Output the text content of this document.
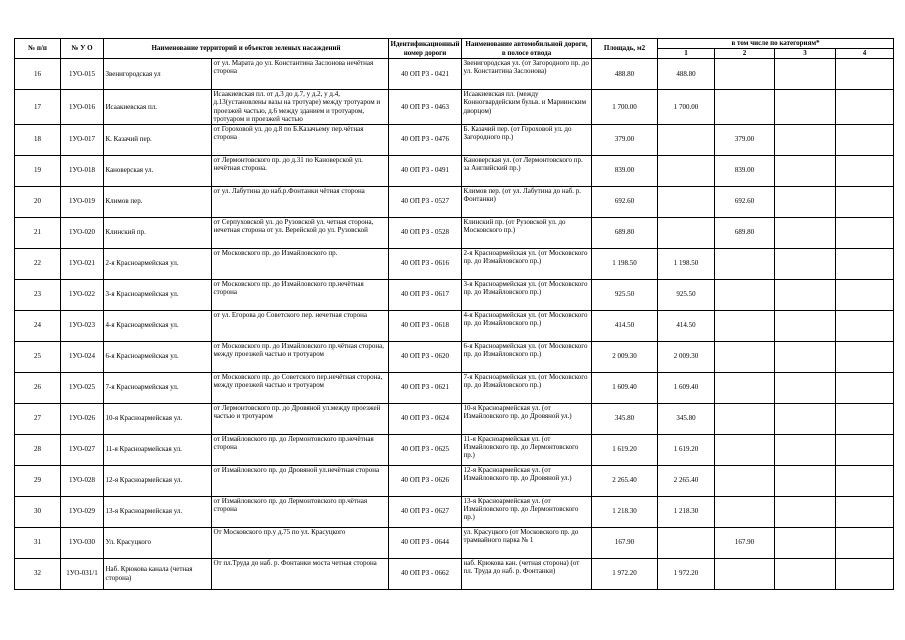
№ п/п	№ У О	Наименование территорий и объектов зеленых насаждений		Идентификационный номер дороги	Наименование автомобильной дороги, в полосе отвода	Площадь, м2	в том числе по категориям*			
							1	2	3	4
16	1УО-015	Звенигородская ул	от ул. Марата до ул. Константина Заслонова нечётная сторона	40 ОП РЗ - 0421	Звенигородская ул. (от Загородного пр. до ул. Константина Заслонова)	488.80	488.80			
17	1УО-016	Исаакиевская пл.	Исаакиевская пл. от д.3 до д.7, у д.2, у д.4, д.13(установлены вазы на тротуаре) между тротуаром и проезжей частью, д.6 между зданием и тротуаром, тротуаром и проезжей частью	40 ОП РЗ - 0463	Исаакиевская пл. (между Конногвардейским бульв. и Мариинским дворцом)	1 700.00	1 700.00			
18	1УО-017	К. Казачий пер.	от Гороховой ул. до д.8 по Б.Казачьему пер.чётная сторона	40 ОП РЗ - 0476	Б. Казачий пер. (от Гороховой ул. до Загородного пр.)	379.00		379.00		
19	1УО-018	Кановерская ул.	от Лермонтовского пр. до д.31 по Кановерской ул. нечётная сторона.	40 ОП РЗ - 0491	Кановерская ул. (от Лермонтовского пр. за Английский пр.)	839.00		839.00		
20	1УО-019	Климов пер.	от ул. Лабутина до наб.р.Фонтанки чётная сторона	40 ОП РЗ - 0527	Климов пер. (от ул. Лабутина до наб. р. Фонтанки)	692.60		692.60		
21	1УО-020	Клинский пр.	от Серпуховской ул. до Рузовской ул. четная сторона, нечетная сторона от ул. Верейской до ул. Рузовской	40 ОП РЗ - 0528	Клинский пр. (от Рузовской ул. до Московского пр.)	689.80		689.80		
22	1УО-021	2-я Красноармейская ул.	от Московского пр. до Измайловского пр.	40 ОП РЗ - 0616	2-я Красноармейская ул. (от Московского пр. до Измайловского пр.)	1 198.50	1 198.50			
23	1УО-022	3-я Красноармейская ул.	от Московского пр. до Измайловского пр.нечётная сторона	40 ОП РЗ - 0617	3-я Красноармейская ул. (от Московского пр. до Измайловского пр.)	925.50	925.50			
24	1УО-023	4-я Красноармейская ул.	от ул. Егорова до Советского пер. нечетная сторона	40 ОП РЗ - 0618	4-я Красноармейская ул. (от Московского пр. до Измайловского пр.)	414.50	414.50			
25	1УО-024	6-я Красноармейская ул.	от Московского пр. до Измайловского пр.чётная сторона, между проезжей частью и тротуаром	40 ОП РЗ - 0620	6-я Красноармейская ул. (от Московского пр. до Измайловского пр.)	2 009.30	2 009.30			
26	1УО-025	7-я Красноармейская ул.	от Московского пр. до Советского пер.нечётная сторона, между проезжей частью и тротуаром	40 ОП РЗ - 0621	7-я Красноармейская ул. (от Московского пр. до Измайловского пр.)	1 609.40	1 609.40			
27	1УО-026	10-я Красноармейская ул.	от Лермонтовского пр. до Дровяной ул.между проезжей частью и тротуаром	40 ОП РЗ - 0624	10-я Красноармейская ул. (от Измайловского пр. до Дровяной ул.)	345.80	345.80			
28	1УО-027	11-я Красноармейская ул.	от Измайловского пр. до Лермонтовского пр.нечётная сторона	40 ОП РЗ - 0625	11-я Красноармейская ул. (от Измайловского пр. до Лермонтовского пр.)	1 619.20	1 619.20			
29	1УО-028	12-я Красноармейская ул.	от Измайловского пр. до Дровяной ул.нечётная сторона	40 ОП РЗ - 0626	12-я Красноармейская ул. (от Измайловского пр. до Дровяной ул.)	2 265.40	2 265.40			
30	1УО-029	13-я Красноармейская ул.	от Измайловского пр. до Лермонтовского пр.чётная сторона	40 ОП РЗ - 0627	13-я Красноармейская ул. (от Измайловского пр. до Лермонтовского пр.)	1 218.30	1 218.30			
31	1УО-030	Ул. Красуцкого	От Московского пр.у д.75 по ул. Красуцкого	40 ОП РЗ - 0644	ул. Красуцкого (от Московского пр. до трамвайного парка № 1	167.90		167.90		
32	1УО-031/1	Наб. Крюкова канала (четная сторона)	От пл.Труда до наб. р. Фонтанки моста четная сторона	40 ОП РЗ - 0662	наб. Крюкова кан. (четная сторона) (от пл. Труда до наб. р. Фонтанки)	1 972.20	1 972.20			
